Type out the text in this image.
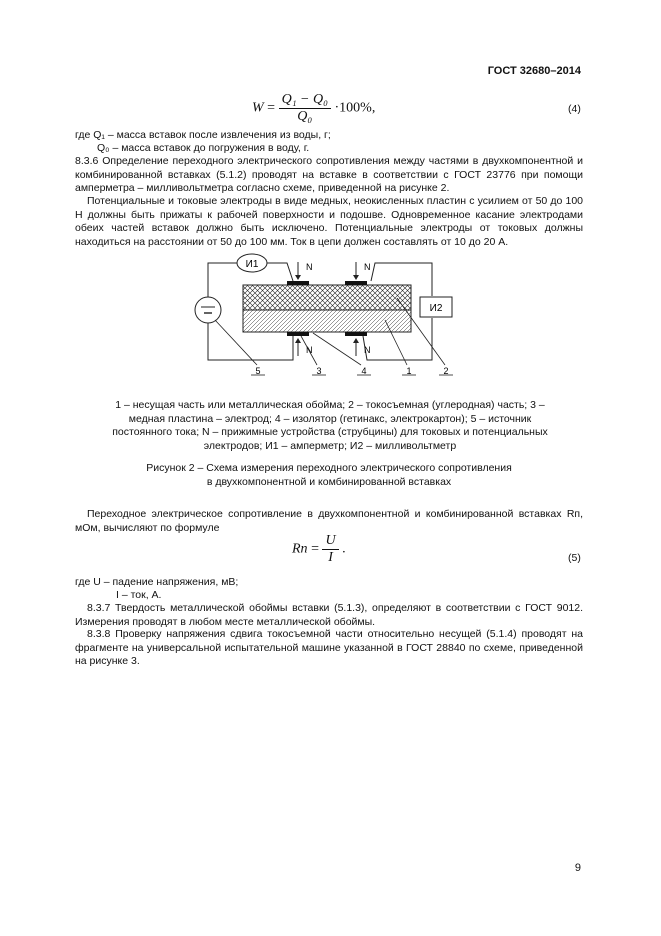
ГОСТ 32680–2014
$W = \frac{\text{Q₁ − Q₀}}{\text{Q₀}} \cdot 100\%$,	(4)
где Q₁ – масса вставок после извлечения из воды, г;
Q₀ – масса вставок до погружения в воду, г.
8.3.6 Определение переходного электрического сопротивления между частями в двухкомпонентной и комбинированной вставках (5.1.2) проводят на вставке в соответствии с ГОСТ 23776 при помощи амперметра – милливольтметра согласно схеме, приведенной на рисунке 2.
Потенциальные и токовые электроды в виде медных, неокисленных пластин с усилием от 50 до 100 Н должны быть прижаты к рабочей поверхности и подошве. Одновременное касание электродами обеих частей вставок должно быть исключено. Потенциальные электроды от токовых должны находиться на расстоянии от 50 до 100 мм. Ток в цепи должен составлять от 10 до 20 А.
И1
И2
N	N
N	N
5	3	4	1	2
1 – несущая часть или металлическая обойма; 2 – токосъемная (углеродная) часть; 3 – медная пластина – электрод; 4 – изолятор (гетинакс, электрокартон); 5 – источник постоянного тока; N – прижимные устройства (струбцины) для токовых и потенциальных электродов; И1 – амперметр; И2 – милливольтметр
Рисунок 2 – Схема измерения переходного электрического сопротивления
в двухкомпонентной и комбинированной вставках
Переходное электрическое сопротивление в двухкомпонентной и комбинированной вставках Rп, мОм, вычисляют по формуле
Rп = $\frac{U}{I}$ .
(5)
где U – падение напряжения, мВ;
I – ток, А.
8.3.7 Твердость металлической обоймы вставки (5.1.3), определяют в соответствии с ГОСТ 9012. Измерения проводят в любом месте металлической обоймы.
8.3.8 Проверку напряжения сдвига токосъемной части относительно несущей (5.1.4) проводят на фрагменте на универсальной испытательной машине указанной в ГОСТ 28840 по схеме, приведенной на рисунке 3.
9
